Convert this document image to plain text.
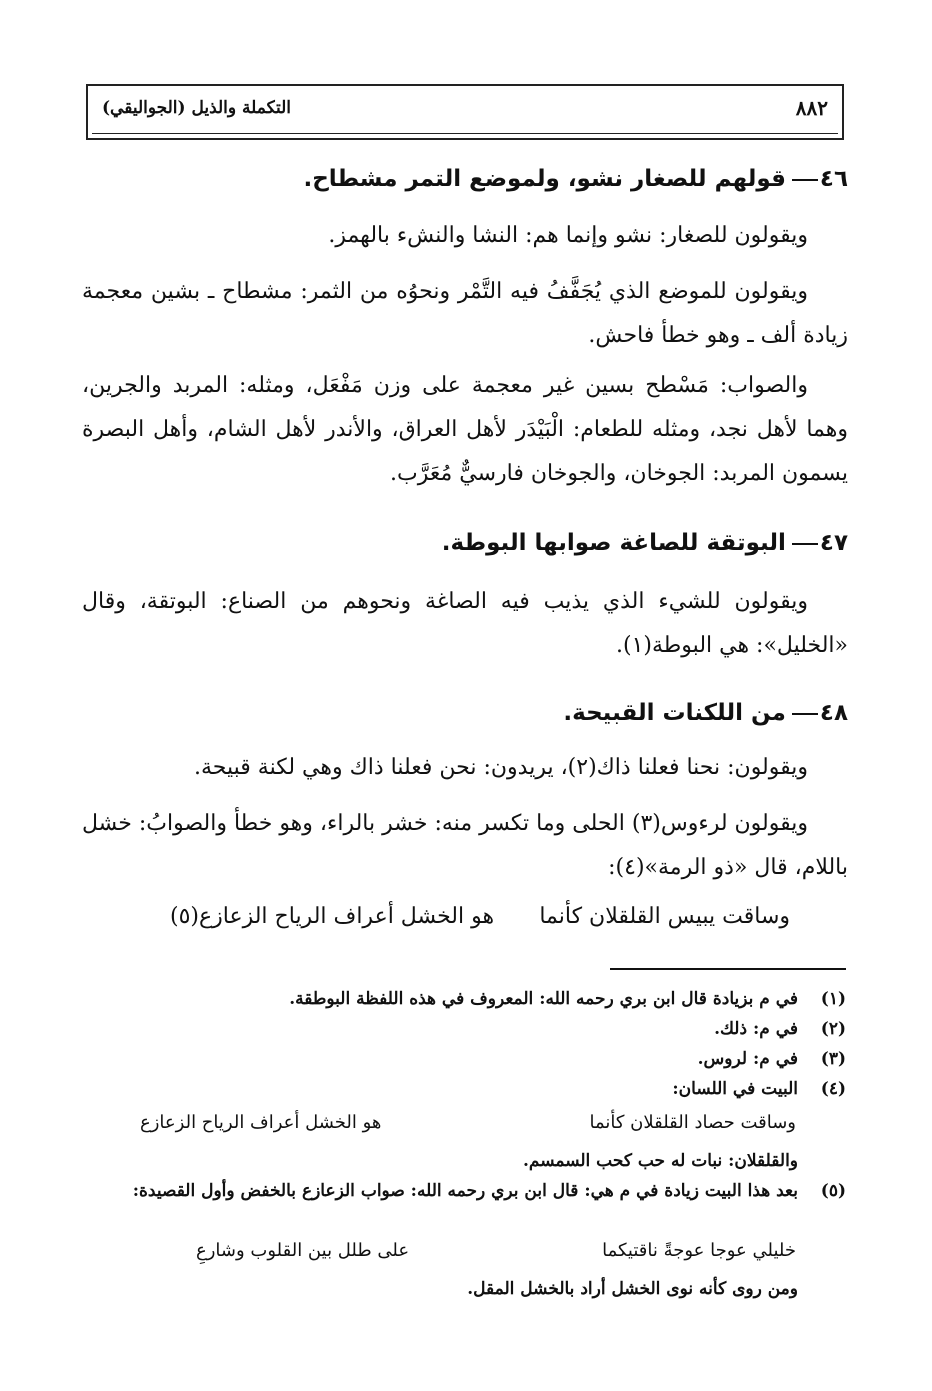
٨٨٢
التكملة والذيل (الجواليقي)
٤٦قولهم للصغار نشو، ولموضع التمر مشطاح.
ويقولون للصغار: نشو وإنما هم: النشا والنشء بالهمز.
ويقولون للموضع الذي يُجَفَّفُ فيه التَّمْر ونحوُه من الثمر: مشطاح ـ بشين معجمة زيادة ألف ـ وهو خطأ فاحش.
والصواب: مَسْطح بسين غير معجمة على وزن مَفْعَل، ومثله: المربد والجرين، وهما لأهل نجد، ومثله للطعام: الْبَيْدَر لأهل العراق، والأندر لأهل الشام، وأهل البصرة يسمون المربد: الجوخان، والجوخان فارسيٌّ مُعَرَّب.
٤٧البوتقة للصاغة صوابها البوطة.
ويقولون للشيء الذي يذيب فيه الصاغة ونحوهم من الصناع: البوتقة، وقال «الخليل»: هي البوطة(١).
٤٨من اللكنات القبيحة.
ويقولون: نحنا فعلنا ذاك(٢)، يريدون: نحن فعلنا ذاك وهي لكنة قبيحة.
ويقولون لرءوس(٣) الحلى وما تكسر منه: خشر بالراء، وهو خطأ والصوابُ: خشل باللام، قال «ذو الرمة»(٤):
وساقت يبيس القلقلان كأنما
هو الخشل أعراف الرياح الزعازع(٥)
(١)في م بزيادة قال ابن بري رحمه الله: المعروف في هذه اللفظة البوطقة.
(٢)في م: ذلك.
(٣)في م: لروس.
(٤)البيت في اللسان:
وساقت حصاد القلقلان كأنما
هو الخشل أعراف الرياح الزعازع
والقلقلان: نبات له حب كحب السمسم.
(٥)بعد هذا البيت زيادة في م هي: قال ابن بري رحمه الله: صواب الزعازع بالخفض وأول القصيدة:
خليلي عوجا عوجةً ناقتيكما
على طلل بين القلوب وشارعِ
ومن روى كأنه نوى الخشل أراد بالخشل المقل.
